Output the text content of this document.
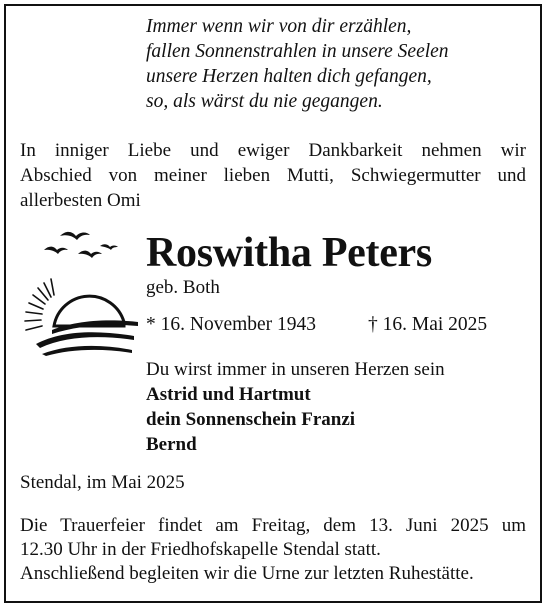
Immer wenn wir von dir erzählen,
fallen Sonnenstrahlen in unsere Seelen
unsere Herzen halten dich gefangen,
so, als wärst du nie gegangen.
In inniger Liebe und ewiger Dankbarkeit nehmen wir
Abschied von meiner lieben Mutti, Schwiegermutter und
allerbesten Omi
Roswitha Peters
geb. Both
* 16. November 1943	† 16. Mai 2025
Du wirst immer in unseren Herzen sein
Astrid und Hartmut
dein Sonnenschein Franzi
Bernd
Stendal, im Mai 2025
Die Trauerfeier findet am Freitag, dem 13. Juni 2025 um
12.30 Uhr in der Friedhofskapelle Stendal statt.
Anschließend begleiten wir die Urne zur letzten Ruhestätte.
